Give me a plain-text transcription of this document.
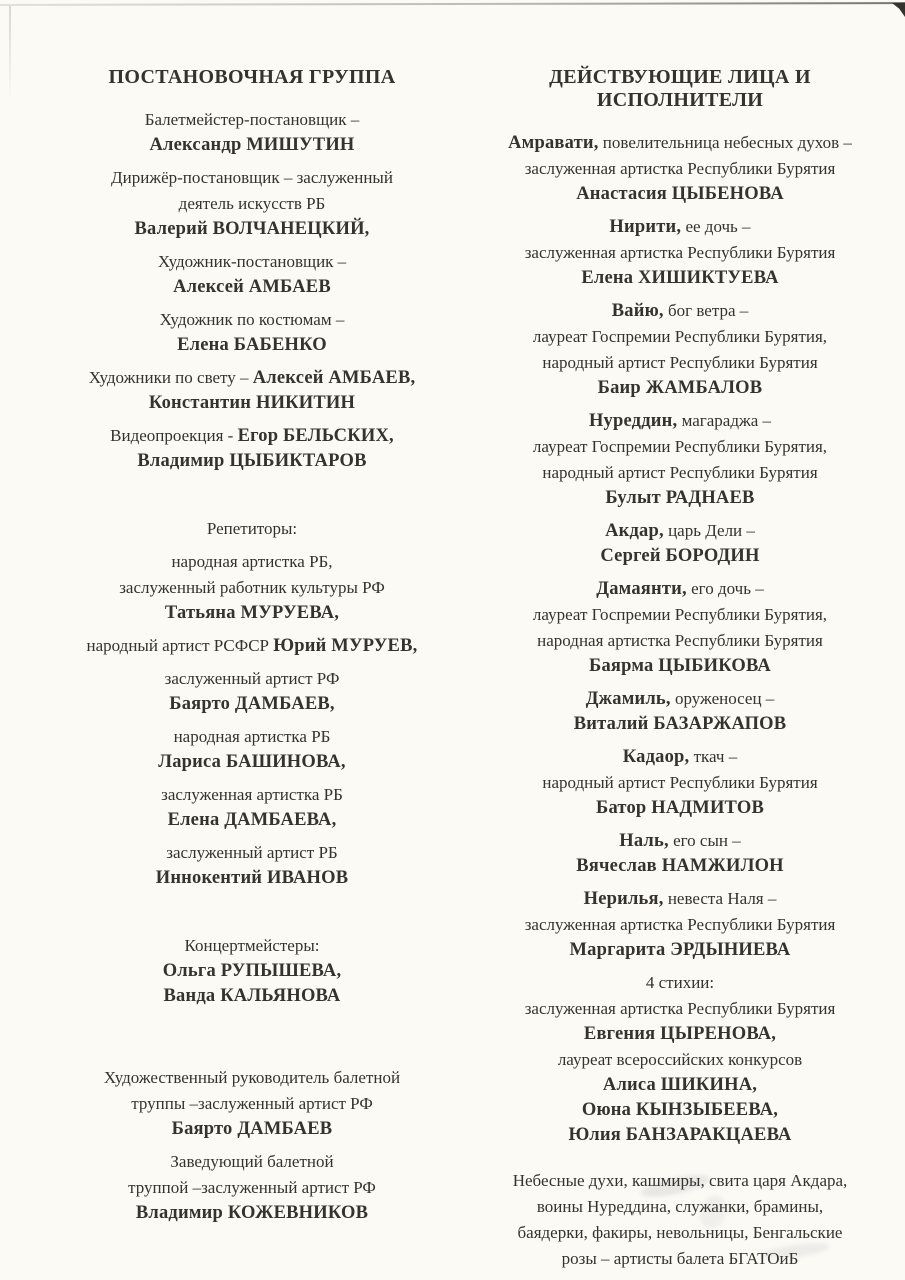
ПОСТАНОВОЧНАЯ ГРУППА
Балетмейстер-постановщик –
Александр МИШУТИН
Дирижёр-постановщик – заслуженный
деятель искусств РБ
Валерий ВОЛЧАНЕЦКИЙ,
Художник-постановщик –
Алексей АМБАЕВ
Художник по костюмам –
Елена БАБЕНКО
Художники по свету – Алексей АМБАЕВ,
Константин НИКИТИН
Видеопроекция - Егор БЕЛЬСКИХ,
Владимир ЦЫБИКТАРОВ
Репетиторы:
народная артистка РБ,
заслуженный работник культуры РФ
Татьяна МУРУЕВА,
народный артист РСФСР Юрий МУРУЕВ,
заслуженный артист РФ
Баярто ДАМБАЕВ,
народная артистка РБ
Лариса БАШИНОВА,
заслуженная артистка РБ
Елена ДАМБАЕВА,
заслуженный артист РБ
Иннокентий ИВАНОВ
Концертмейстеры:
Ольга РУПЫШЕВА,
Ванда КАЛЬЯНОВА
Художественный руководитель балетной
труппы –заслуженный артист РФ
Баярто ДАМБАЕВ
Заведующий балетной
труппой –заслуженный артист РФ
Владимир КОЖЕВНИКОВ
ДЕЙСТВУЮЩИЕ ЛИЦА И ИСПОЛНИТЕЛИ
Амравати, повелительница небесных духов –
заслуженная артистка Республики Бурятия
Анастасия ЦЫБЕНОВА
Нирити, ее дочь –
заслуженная артистка Республики Бурятия
Елена ХИШИКТУЕВА
Вайю, бог ветра –
лауреат Госпремии Республики Бурятия,
народный артист Республики Бурятия
Баир ЖАМБАЛОВ
Нуреддин, магараджа –
лауреат Госпремии Республики Бурятия,
народный артист Республики Бурятия
Булыт РАДНАЕВ
Акдар, царь Дели –
Сергей БОРОДИН
Дамаянти, его дочь –
лауреат Госпремии Республики Бурятия,
народная артистка Республики Бурятия
Баярма ЦЫБИКОВА
Джамиль, оруженосец –
Виталий БАЗАРЖАПОВ
Кадаор, ткач –
народный артист Республики Бурятия
Батор НАДМИТОВ
Наль, его сын –
Вячеслав НАМЖИЛОН
Нерилья, невеста Наля –
заслуженная артистка Республики Бурятия
Маргарита ЭРДЫНИЕВА
4 стихии:
заслуженная артистка Республики Бурятия
Евгения ЦЫРЕНОВА,
лауреат всероссийских конкурсов
Алиса ШИКИНА,
Оюна КЫНЗЫБЕЕВА,
Юлия БАНЗАРАКЦАЕВА
Небесные духи, кашмиры, свита царя Акдара,
воины Нуреддина, служанки, брамины,
баядерки, факиры, невольницы, Бенгальские
розы – артисты балета БГАТОиБ
